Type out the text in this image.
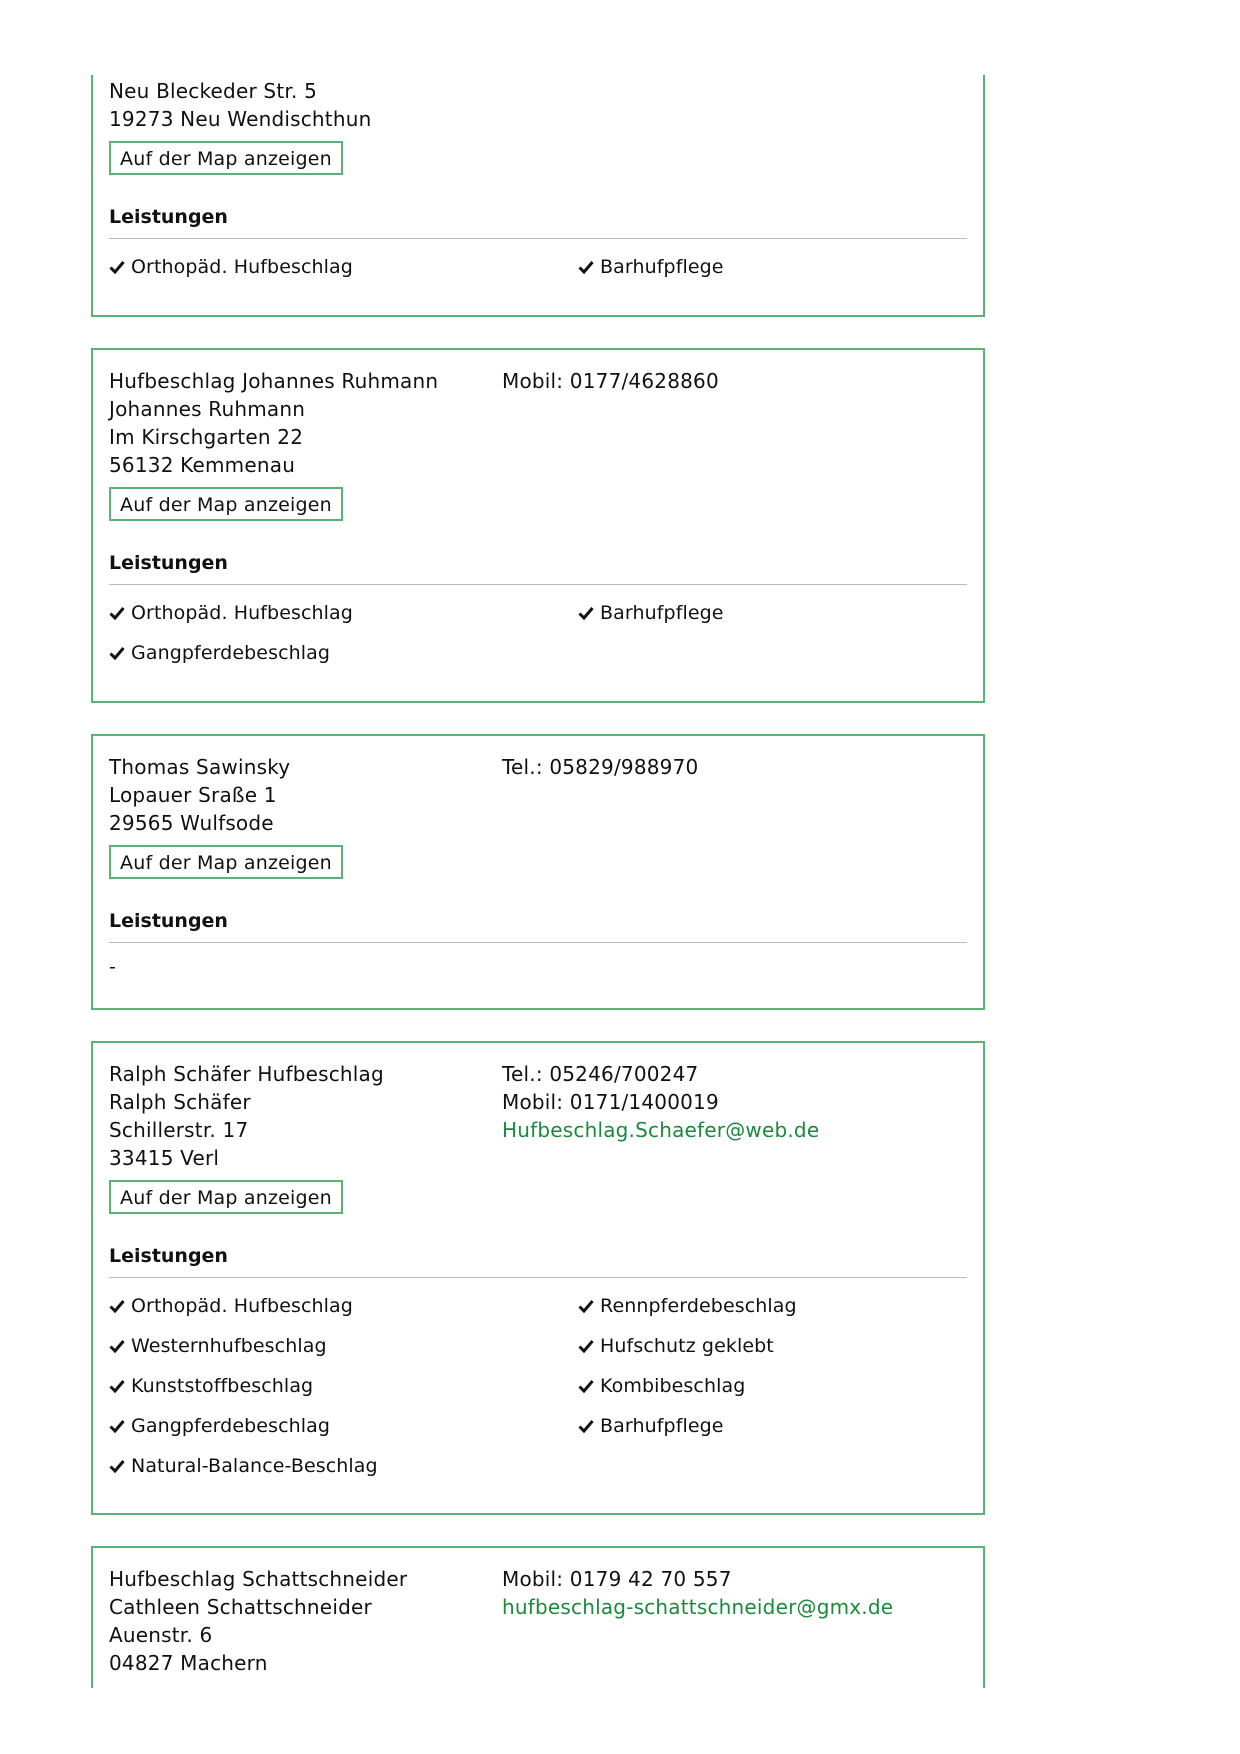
Neu Bleckeder Str. 5
19273 Neu Wendischthun
Auf der Map anzeigen
Leistungen
Orthopäd. Hufbeschlag	Barhufpflege
Hufbeschlag Johannes Ruhmann
Johannes Ruhmann
Im Kirschgarten 22
56132 Kemmenau
Mobil: 0177/4628860
Auf der Map anzeigen
Leistungen
Orthopäd. Hufbeschlag	Barhufpflege
Gangpferdebeschlag
Thomas Sawinsky
Lopauer Sraße 1
29565 Wulfsode
Tel.: 05829/988970
Auf der Map anzeigen
Leistungen
-
Ralph Schäfer Hufbeschlag
Ralph Schäfer
Schillerstr. 17
33415 Verl
Tel.: 05246/700247
Mobil: 0171/1400019
Hufbeschlag.Schaefer@web.de
Auf der Map anzeigen
Leistungen
Orthopäd. Hufbeschlag	Rennpferdebeschlag
Westernhufbeschlag	Hufschutz geklebt
Kunststoffbeschlag	Kombibeschlag
Gangpferdebeschlag	Barhufpflege
Natural-Balance-Beschlag
Hufbeschlag Schattschneider
Cathleen Schattschneider
Auenstr. 6
04827 Machern
Mobil: 0179 42 70 557
hufbeschlag-schattschneider@gmx.de
